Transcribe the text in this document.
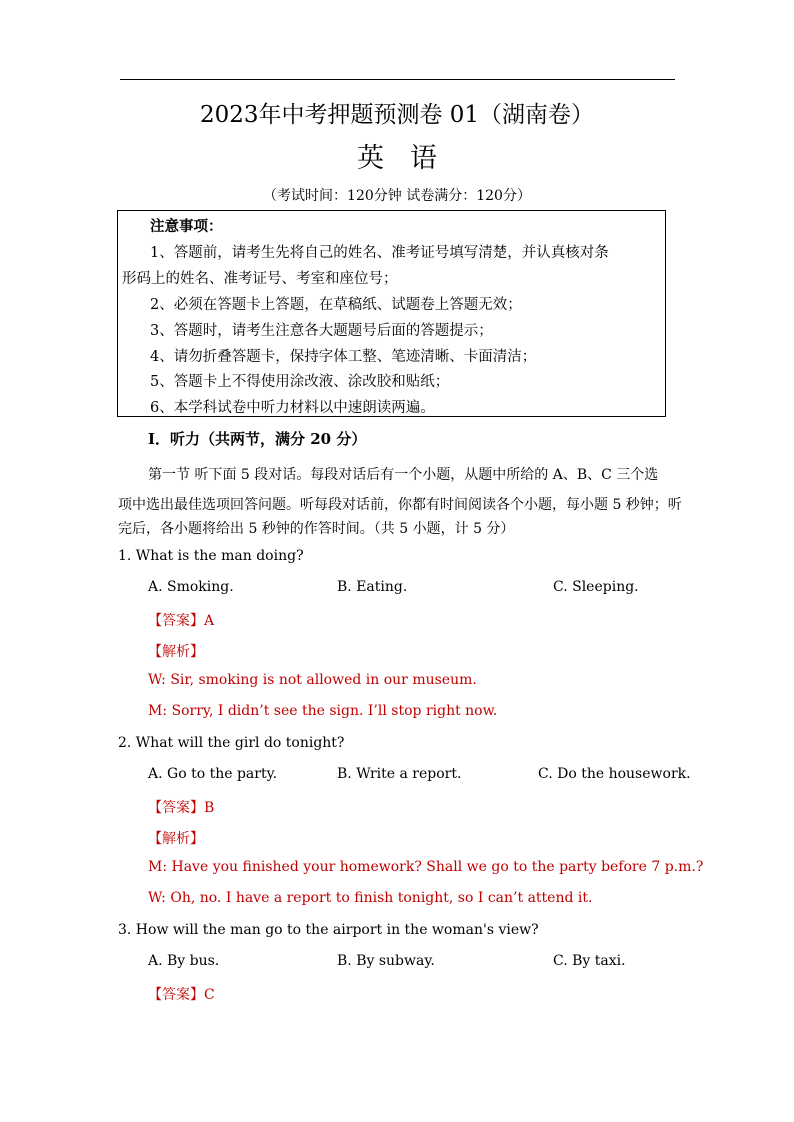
2023年中考押题预测卷 01（湖南卷）
英语
（考试时间：120分钟 试卷满分：120分）
注意事项：
1、答题前，请考生先将自己的姓名、准考证号填写清楚，并认真核对条
形码上的姓名、准考证号、考室和座位号；
2、必须在答题卡上答题，在草稿纸、试题卷上答题无效；
3、答题时，请考生注意各大题题号后面的答题提示；
4、请勿折叠答题卡，保持字体工整、笔迹清晰、卡面清洁；
5、答题卡上不得使用涂改液、涂改胶和贴纸；
6、本学科试卷中听力材料以中速朗读两遍。
I．听力（共两节，满分 20 分）
第一节 听下面 5 段对话。每段对话后有一个小题，从题中所给的 A、B、C 三个选
项中选出最佳选项回答问题。听每段对话前，你都有时间阅读各个小题，每小题 5 秒钟；听
完后，各小题将给出 5 秒钟的作答时间。（共 5 小题，计 5 分）
1. What is the man doing?
A. Smoking.	B. Eating.	C. Sleeping.
【答案】A
【解析】
W: Sir, smoking is not allowed in our museum.
M: Sorry, I didn’t see the sign. I’ll stop right now.
2. What will the girl do tonight?
A. Go to the party.	B. Write a report.	C. Do the housework.
【答案】B
【解析】
M: Have you finished your homework? Shall we go to the party before 7 p.m.?
W: Oh, no. I have a report to finish tonight, so I can’t attend it.
3. How will the man go to the airport in the woman's view?
A. By bus.	B. By subway.	C. By taxi.
【答案】C
